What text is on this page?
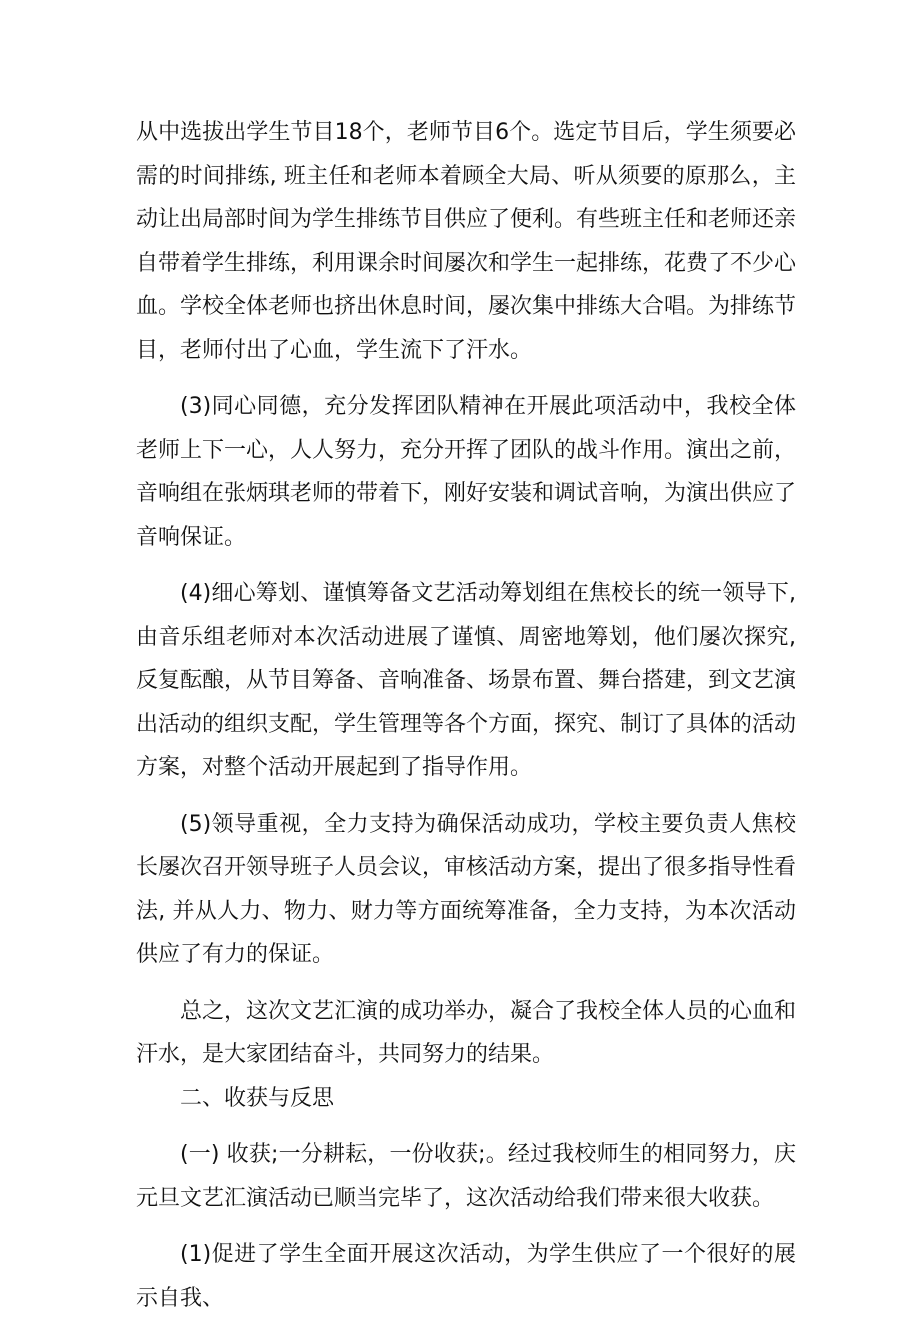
从中选拔出学生节目18个，老师节目6个。选定节目后，学生须要必需的时间排练, 班主任和老师本着顾全大局、听从须要的原那么，主动让出局部时间为学生排练节目供应了便利。有些班主任和老师还亲自带着学生排练，利用课余时间屡次和学生一起排练，花费了不少心血。学校全体老师也挤出休息时间，屡次集中排练大合唱。为排练节目，老师付出了心血，学生流下了汗水。

(3)同心同德，充分发挥团队精神在开展此项活动中，我校全体老师上下一心，人人努力，充分开挥了团队的战斗作用。演出之前，音响组在张炳琪老师的带着下，刚好安装和调试音响，为演出供应了音响保证。

(4)细心筹划、谨慎筹备文艺活动筹划组在焦校长的统一领导下, 由音乐组老师对本次活动进展了谨慎、周密地筹划，他们屡次探究, 反复酝酿，从节目筹备、音响准备、场景布置、舞台搭建，到文艺演出活动的组织支配，学生管理等各个方面，探究、制订了具体的活动方案，对整个活动开展起到了指导作用。

(5)领导重视，全力支持为确保活动成功，学校主要负责人焦校长屡次召开领导班子人员会议，审核活动方案，提出了很多指导性看法, 并从人力、物力、财力等方面统筹准备，全力支持，为本次活动供应了有力的保证。

总之，这次文艺汇演的成功举办，凝合了我校全体人员的心血和汗水，是大家团结奋斗，共同努力的结果。

二、收获与反思

(一) 收获;一分耕耘，一份收获;。经过我校师生的相同努力，庆元旦文艺汇演活动已顺当完毕了，这次活动给我们带来很大收获。

(1)促进了学生全面开展这次活动，为学生供应了一个很好的展示自我、
